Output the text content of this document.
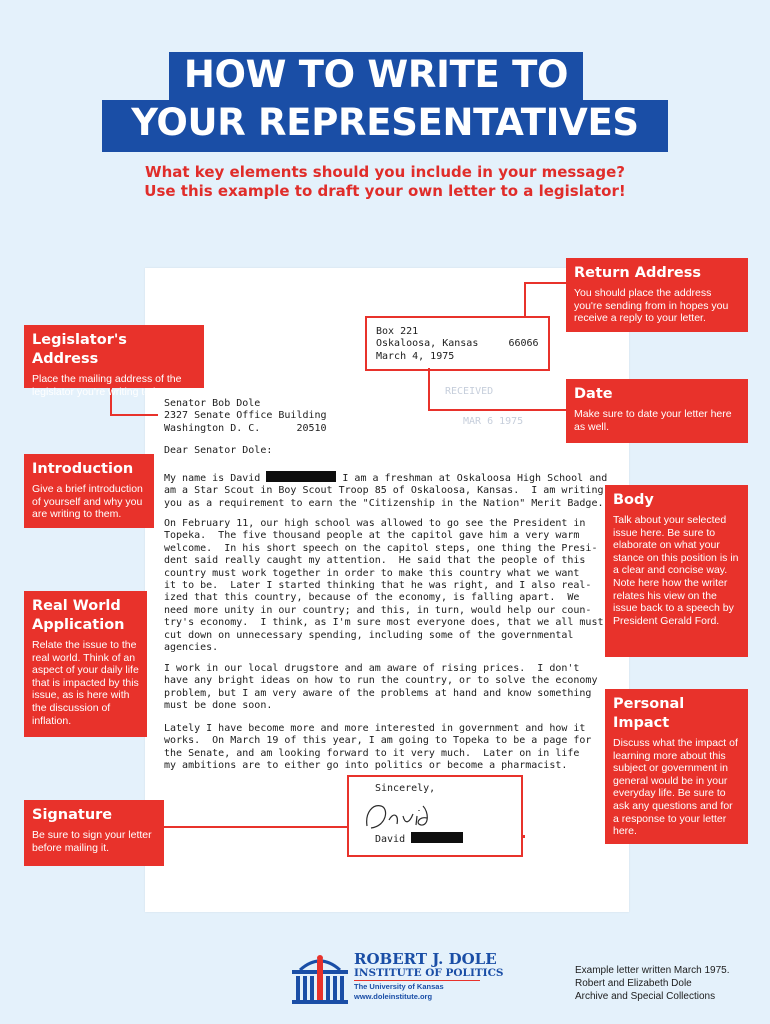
HOW TO WRITE TO
YOUR REPRESENTATIVES
What key elements should you include in your message?
Use this example to draft your own letter to a legislator!
Box 221
Oskaloosa, Kansas     66066
March 4, 1975
RECEIVED
MAR 6 1975
Senator Bob Dole
2327 Senate Office Building
Washington D. C.      20510
Dear Senator Dole:
My name is David	I am a freshman at Oskaloosa High School and
am a Star Scout in Boy Scout Troop 85 of Oskaloosa, Kansas.  I am writing
you as a requirement to earn the "Citizenship in the Nation" Merit Badge.
On February 11, our high school was allowed to go see the President in
Topeka.  The five thousand people at the capitol gave him a very warm
welcome.  In his short speech on the capitol steps, one thing the Presi-
dent said really caught my attention.  He said that the people of this
country must work together in order to make this country what we want
it to be.  Later I started thinking that he was right, and I also real-
ized that this country, because of the economy, is falling apart.  We
need more unity in our country; and this, in turn, would help our coun-
try's economy.  I think, as I'm sure most everyone does, that we all must
cut down on unnecessary spending, including some of the governmental
agencies.
I work in our local drugstore and am aware of rising prices.  I don't
have any bright ideas on how to run the country, or to solve the economy
problem, but I am very aware of the problems at hand and know something
must be done soon.
Lately I have become more and more interested in government and how it
works.  On March 19 of this year, I am going to Topeka to be a page for
the Senate, and am looking forward to it very much.  Later on in life
my ambitions are to either go into politics or become a pharmacist.
Sincerely,
David
Return Address
You should place the address you're sending from in hopes you receive a reply to your letter.
Legislator's Address
Place the mailing address of the legislator you're writing to here.	Date
Make sure to date your letter here as well.
Introduction
Give a brief introduction of yourself and why you are writing to them.
Body
Talk about your selected issue here. Be sure to elaborate on what your stance on this position is in a clear and concise way. Note here how the writer relates his view on the issue back to a speech by President Gerald Ford.
Real World
Application
Relate the issue to the real world. Think of an aspect of your daily life that is impacted by this issue, as is here with the discussion of inflation.
Personal Impact
Discuss what the impact of learning more about this subject or government in general would be in your everyday life. Be sure to ask any questions and for a response to your letter here.
Signature
Be sure to sign your letter before mailing it.
ROBERT J. DOLE
INSTITUTE OF POLITICS
The University of Kansas
www.doleinstitute.org
Example letter written March 1975.
Robert and Elizabeth Dole
Archive and Special Collections
